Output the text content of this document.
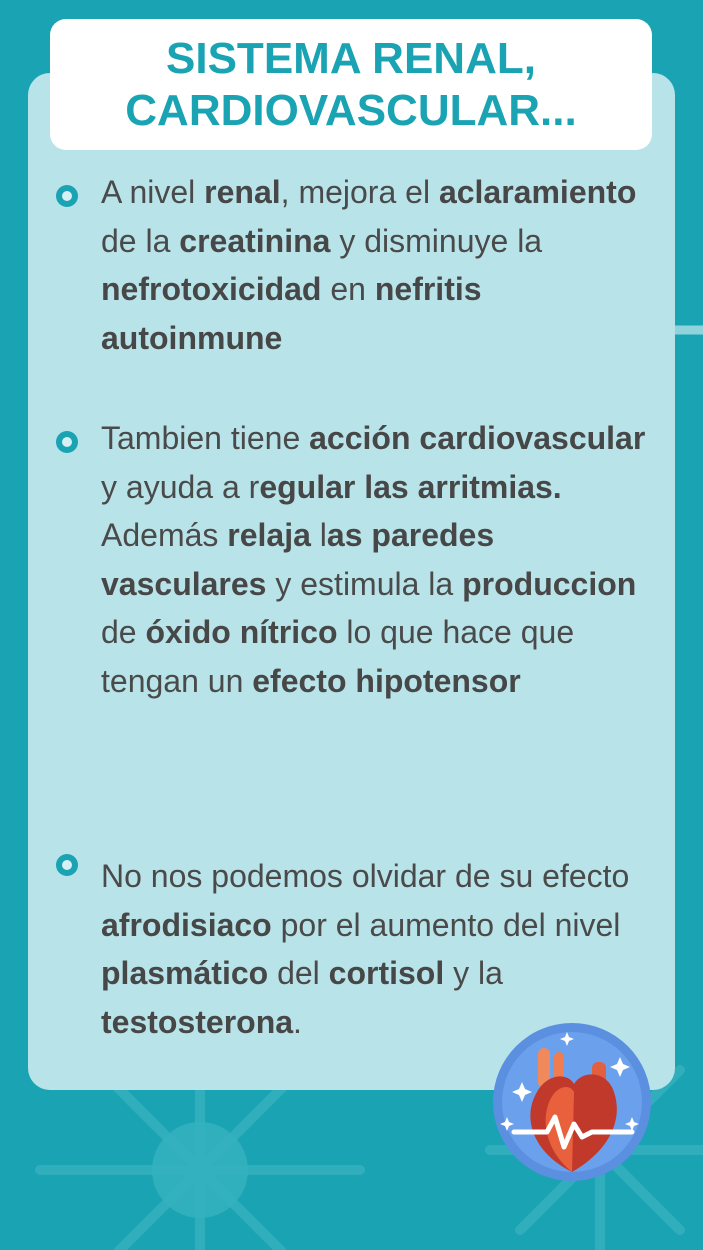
SISTEMA RENAL, CARDIOVASCULAR...
A nivel renal, mejora el aclaramiento de la creatinina y disminuye la nefrotoxicidad en nefritis autoinmune
Tambien tiene acción cardiovascular y ayuda a regular las arritmias.
Además relaja las paredes vasculares y estimula la produccion de óxido nítrico lo que hace que tengan un efecto hipotensor
No nos podemos olvidar de su efecto afrodisiaco por el aumento del nivel plasmático del cortisol y la testosterona.
